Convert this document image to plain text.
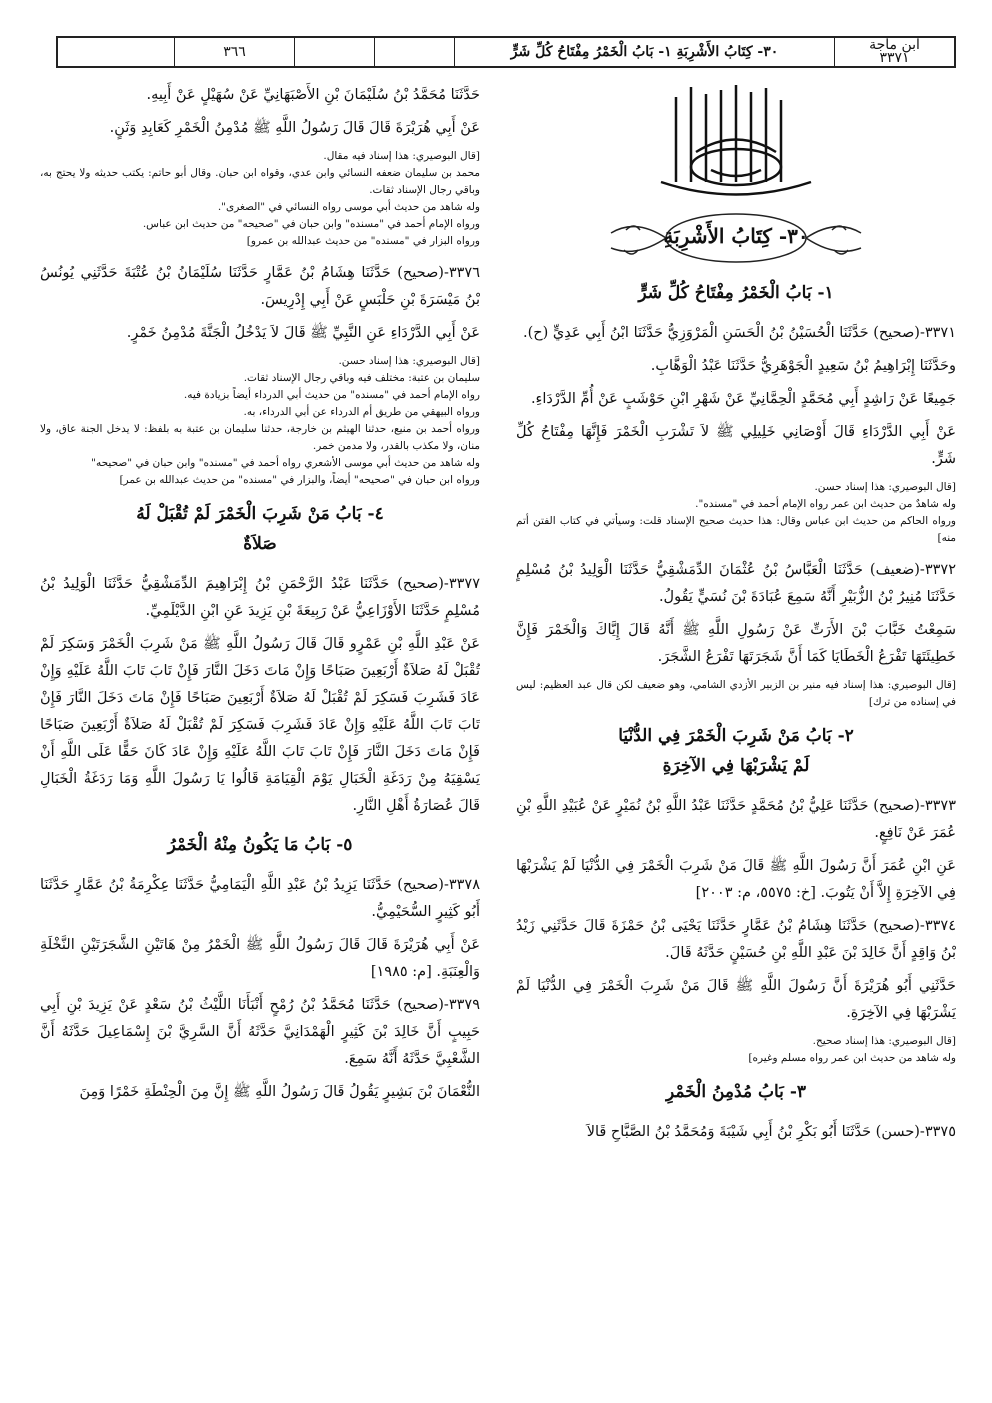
ابن ماجة
٣٣٧١
٣٠- كِتَابُ الأَشْرِبَةِ ١- بَابُ الْخَمْرُ مِفْتَاحُ كُلِّ شَرٍّ
٣٦٦
٣٠- كِتَابُ الأَشْرِبَةِ
١- بَابُ الْخَمْرُ مِفْتَاحُ كُلِّ شَرٍّ

٣٣٧١-(صحيح) حَدَّثَنَا الْحُسَيْنُ بْنُ الْحَسَنِ الْمَرْوَزِيُّ حَدَّثَنَا ابْنُ أَبِي عَدِيٍّ (ح).

وحَدَّثَنَا إِبْرَاهِيمُ بْنُ سَعِيدٍ الْجَوْهَرِيُّ حَدَّثَنَا عَبْدُ الْوَهَّابِ.

جَمِيعًا عَنْ رَاشِدٍ أَبِي مُحَمَّدٍ الْحِمَّانِيِّ عَنْ شَهْرِ ابْنِ حَوْشَبٍ عَنْ أُمِّ الدَّرْدَاءِ.

عَنْ أَبِي الدَّرْدَاءِ قَالَ أَوْصَانِي خَلِيلِي ﷺ لاَ تَشْرَبِ الْخَمْرَ فَإِنَّهَا مِفْتَاحُ كُلِّ شَرٍّ.

[قال البوصيري: هذا إسناد حسن.

وله شاهدٌ من حديث ابن عمر رواه الإمام أحمد في "مسنده".

ورواه الحاكم من حديث ابن عباس وقال: هذا حديث صحيح الإسناد قلت: وسيأتي في كتاب الفتن أتم منه]

٣٣٧٢-(ضعيف) حَدَّثَنَا الْعَبَّاسُ بْنُ عُثْمَانَ الدِّمَشْقِيُّ حَدَّثَنَا الْوَلِيدُ بْنُ مُسْلِمٍ حَدَّثَنَا مُنِيرُ بْنُ الزُّبَيْرِ أَنَّهُ سَمِعَ عُبَادَةَ بْنَ نُسَيٍّ يَقُولُ.

سَمِعْتُ خَبَّابَ بْنَ الأَرَتِّ عَنْ رَسُولِ اللَّهِ ﷺ أَنَّهُ قَالَ إِيَّاكَ وَالْخَمْرَ فَإِنَّ خَطِيئَتَهَا تَفْرَعُ الْخَطَايَا كَمَا أَنَّ شَجَرَتَهَا تَفْرَعُ الشَّجَرَ.

[قال البوصيري: هذا إسناد فيه منير بن الزبير الأزدي الشامي، وهو ضعيف لكن قال عبد العظيم: ليس في إسناده من ترك]

٢- بَابُ مَنْ شَرِبَ الْخَمْرَ فِي الدُّنْيَا
لَمْ يَشْرَبْهَا فِي الآخِرَةِ

٣٣٧٣-(صحيح) حَدَّثَنَا عَلِيُّ بْنُ مُحَمَّدٍ حَدَّثَنَا عَبْدُ اللَّهِ بْنُ نُمَيْرٍ عَنْ عُبَيْدِ اللَّهِ بْنِ عُمَرَ عَنْ نَافِعٍ.

عَنِ ابْنِ عُمَرَ أَنَّ رَسُولَ اللَّهِ ﷺ قَالَ مَنْ شَرِبَ الْخَمْرَ فِي الدُّنْيَا لَمْ يَشْرَبْهَا فِي الآخِرَةِ إِلاَّ أَنْ يَتُوبَ. [خ: ٥٥٧٥، م: ٢٠٠٣]

٣٣٧٤-(صحيح) حَدَّثَنَا هِشَامُ بْنُ عَمَّارٍ حَدَّثَنَا يَحْيَى بْنُ حَمْزَةَ قَالَ حَدَّثَنِي زَيْدُ بْنُ وَاقِدٍ أَنَّ خَالِدَ بْنَ عَبْدِ اللَّهِ بْنِ حُسَيْنٍ حَدَّثَهُ قَالَ.

حَدَّثَنِي أَبُو هُرَيْرَةَ أَنَّ رَسُولَ اللَّهِ ﷺ قَالَ مَنْ شَرِبَ الْخَمْرَ فِي الدُّنْيَا لَمْ يَشْرَبْهَا فِي الآخِرَةِ.

[قال البوصيري: هذا إسناد صحيح.

وله شاهد من حديث ابن عمر رواه مسلم وغيره]

٣- بَابُ مُدْمِنُ الْخَمْرِ

٣٣٧٥-(حسن) حَدَّثَنَا أَبُو بَكْرِ بْنُ أَبِي شَيْبَةَ وَمُحَمَّدُ بْنُ الصَّبَّاحِ قَالاَ

حَدَّثَنَا مُحَمَّدُ بْنُ سُلَيْمَانَ بْنِ الأَصْبَهَانِيِّ عَنْ سُهَيْلٍ عَنْ أَبِيهِ.

عَنْ أَبِي هُرَيْرَةَ قَالَ قَالَ رَسُولُ اللَّهِ ﷺ مُدْمِنُ الْخَمْرِ كَعَابِدِ وَثَنٍ.

[قال البوصيري: هذا إسناد فيه مقال.

محمد بن سليمان ضعفه النسائي وابن عدي، وقواه ابن حبان. وقال أبو حاتم: يكتب حديثه ولا يحتج به، وباقي رجال الإسناد ثقات.

وله شاهد من حديث أبي موسى رواه النسائي في "الصغرى".

ورواه الإمام أحمد في "مسنده" وابن حبان في "صحيحه" من حديث ابن عباس.

ورواه البزار في "مسنده" من حديث عبدالله بن عمرو]

٣٣٧٦-(صحيح) حَدَّثَنَا هِشَامُ بْنُ عَمَّارٍ حَدَّثَنَا سُلَيْمَانُ بْنُ عُتْبَةَ حَدَّثَنِي يُونُسُ بْنُ مَيْسَرَةَ بْنِ حَلْبَسٍ عَنْ أَبِي إِدْرِيسَ.

عَنْ أَبِي الدَّرْدَاءِ عَنِ النَّبِيِّ ﷺ قَالَ لاَ يَدْخُلُ الْجَنَّةَ مُدْمِنُ خَمْرٍ.

[قال البوصيري: هذا إسناد حسن.

سليمان بن عتبة: مختلف فيه وباقي رجال الإسناد ثقات.

رواه الإمام أحمد في "مسنده" من حديث أبي الدرداء أيضاً بزيادة فيه.

ورواه البيهقي من طريق أم الدرداء عن أبي الدرداء، به.

ورواه أحمد بن منيع، حدثنا الهيثم بن خارجة، حدثنا سليمان بن عتبة به بلفظ: لا يدخل الجنة عاق، ولا منان، ولا مكذب بالقدر، ولا مدمن خمر.

وله شاهد من حديث أبي موسى الأشعري رواه أحمد في "مسنده" وابن حبان في "صحيحه"

ورواه ابن حبان في "صحيحه" أيضاً، والبزار في "مسنده" من حديث عبدالله بن عمر]

٤- بَابُ مَنْ شَرِبَ الْخَمْرَ لَمْ تُقْبَلْ لَهُ
صَلاَةٌ

٣٣٧٧-(صحيح) حَدَّثَنَا عَبْدُ الرَّحْمَنِ بْنُ إِبْرَاهِيمَ الدِّمَشْقِيُّ حَدَّثَنَا الْوَلِيدُ بْنُ مُسْلِمٍ حَدَّثَنَا الأَوْزَاعِيُّ عَنْ رَبِيعَةَ بْنِ يَزِيدَ عَنِ ابْنِ الدَّيْلَمِيِّ.

عَنْ عَبْدِ اللَّهِ بْنِ عَمْرٍو قَالَ قَالَ رَسُولُ اللَّهِ ﷺ مَنْ شَرِبَ الْخَمْرَ وَسَكِرَ لَمْ تُقْبَلْ لَهُ صَلاَةٌ أَرْبَعِينَ صَبَاحًا وَإِنْ مَاتَ دَخَلَ النَّارَ فَإِنْ تَابَ تَابَ اللَّهُ عَلَيْهِ وَإِنْ عَادَ فَشَرِبَ فَسَكِرَ لَمْ تُقْبَلْ لَهُ صَلاَةٌ أَرْبَعِينَ صَبَاحًا فَإِنْ مَاتَ دَخَلَ النَّارَ فَإِنْ تَابَ تَابَ اللَّهُ عَلَيْهِ وَإِنْ عَادَ فَشَرِبَ فَسَكِرَ لَمْ تُقْبَلْ لَهُ صَلاَةٌ أَرْبَعِينَ صَبَاحًا فَإِنْ مَاتَ دَخَلَ النَّارَ فَإِنْ تَابَ تَابَ اللَّهُ عَلَيْهِ وَإِنْ عَادَ كَانَ حَقًّا عَلَى اللَّهِ أَنْ يَسْقِيَهُ مِنْ رَدَغَةِ الْخَبَالِ يَوْمَ الْقِيَامَةِ قَالُوا يَا رَسُولَ اللَّهِ وَمَا رَدَغَةُ الْخَبَالِ قَالَ عُصَارَةُ أَهْلِ النَّارِ.

٥- بَابُ مَا يَكُونُ مِنْهُ الْخَمْرُ

٣٣٧٨-(صحيح) حَدَّثَنَا يَزِيدُ بْنُ عَبْدِ اللَّهِ الْيَمَامِيُّ حَدَّثَنَا عِكْرِمَةُ بْنُ عَمَّارٍ حَدَّثَنَا أَبُو كَثِيرٍ السُّحَيْمِيُّ.

عَنْ أَبِي هُرَيْرَةَ قَالَ قَالَ رَسُولُ اللَّهِ ﷺ الْخَمْرُ مِنْ هَاتَيْنِ الشَّجَرَتَيْنِ النَّخْلَةِ وَالْعِنَبَةِ. [م: ١٩٨٥]

٣٣٧٩-(صحيح) حَدَّثَنَا مُحَمَّدُ بْنُ رُمْحٍ أَنْبَأَنَا اللَّيْثُ بْنُ سَعْدٍ عَنْ يَزِيدَ بْنِ أَبِي حَبِيبٍ أَنَّ خَالِدَ بْنَ كَثِيرٍ الْهَمْدَانِيَّ حَدَّثَهُ أَنَّ السَّرِيَّ بْنَ إِسْمَاعِيلَ حَدَّثَهُ أَنَّ الشَّعْبِيَّ حَدَّثَهُ أَنَّهُ سَمِعَ.

النُّعْمَانَ بْنَ بَشِيرٍ يَقُولُ قَالَ رَسُولُ اللَّهِ ﷺ إِنَّ مِنَ الْحِنْطَةِ خَمْرًا وَمِنَ
